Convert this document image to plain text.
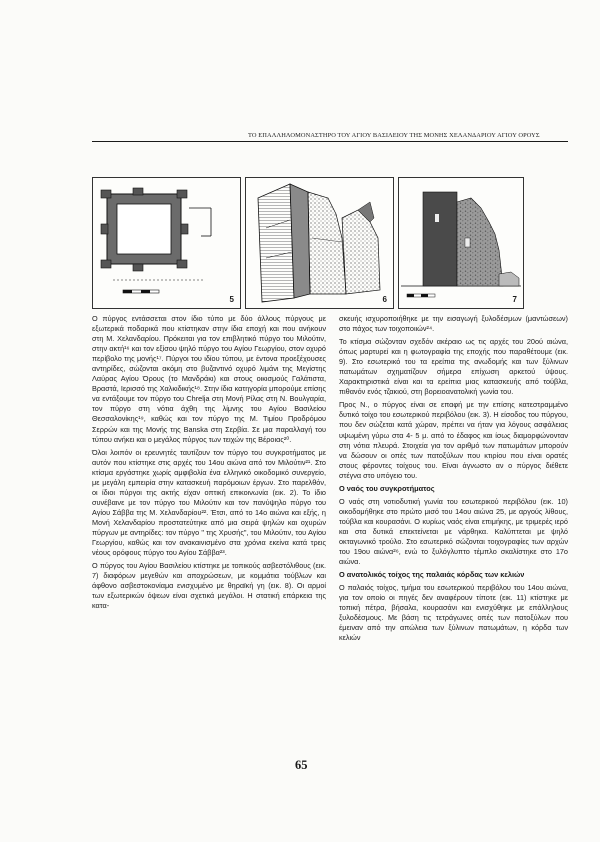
ΤΟ ΕΠΑΛΛΗΛΟΜΟΝΑΣΤΗΡΟ ΤΟΥ ΑΓΙΟΥ ΒΑΣΙΛΕΙΟΥ ΤΗΣ ΜΟΝΗΣ ΧΕΛΑΝΔΑΡΙΟΥ ΑΓΙΟΥ ΟΡΟΥΣ
5	6	7

Ο πύργος εντάσσεται στον ίδιο τύπο με δύο άλλους πύργους με εξωτερικά ποδαρικά που κτίστηκαν στην ίδια εποχή και που ανήκουν στη Μ. Χελανδαρίου. Πρόκειται για τον επιβλητικό πύργο του Μιλούτιν, στην ακτή¹⁶ και τον εξίσου ψηλό πύργο του Αγίου Γεωργίου, στον οχυρό περίβολο της μονής¹⁷. Πύργοι του ιδίου τύπου, με έντονα προεξέχουσες αντηρίδες, σώζονται ακόμη στο βυζαντινό οχυρό λιμάνι της Μεγίστης Λαύρας Αγίου Όρους (το Μανδράκι) και στους οικισμούς Γαλάτιστα, Βραστά, Ιερισσό της Χαλκιδικής¹⁸. Στην ίδια κατηγορία μπορούμε επίσης να εντάξουμε τον πύργο του Chrelja στη Μονή Ρίλας στη Ν. Βουλγαρία, τον πύργο στη νότια άχθη της λίμνης του Αγίου Βασιλείου Θεσσαλονίκης¹⁹, καθώς και τον πύργο της Μ. Τιμίου Προδρόμου Σερρών και της Μονής της Banska στη Σερβία. Σε μια παραλλαγή του τύπου ανήκει και ο μεγάλος πύργος των τειχών της Βέροιας²⁰.

Όλοι λοιπόν οι ερευνητές ταυτίζουν τον πύργο του συγκροτήματος με αυτόν που κτίστηκε στις αρχές του 14ου αιώνα από τον Μιλούτιν²¹. Στο κτίσμα εργάστηκε χωρίς αμφιβολία ένα ελληνικό οικοδομικό συνεργείο, με μεγάλη εμπειρία στην κατασκευή παρόμοιων έργων. Στο παρελθόν, οι ίδιοι πύργοι της ακτής είχαν οπτική επικοινωνία (εικ. 2). Το ίδιο συνέβαινε με τον πύργο του Μιλούτιν και τον πανύψηλο πύργο του Αγίου Σάββα της Μ. Χελανδαρίου²². Έτσι, από το 14ο αιώνα και εξής, η Μονή Χελανδαρίου προστατεύτηκε από μια σειρά ψηλών και οχυρών πύργων με αντηρίδες: τον πύργο " της Χρυσής", του Μιλούτιν, του Αγίου Γεωργίου, καθώς και τον ανακαινισμένο στα χρόνια εκείνα κατά τρεις νέους ορόφους πύργο του Αγίου Σάββα²³.

Ο πύργος του Αγίου Βασιλείου κτίστηκε με τοπικούς ασβεστόλιθους (εικ. 7) διαφόρων μεγεθών και αποχρώσεων, με κομμάτια τούβλων και άφθονο ασβεστοκονίαμα ενισχυμένο με θηραϊκή γη (εικ. 8). Οι αρμοί των εξωτερικών όψεων είναι σχετικά μεγάλοι. Η στατική επάρκεια της κατα-

σκευής ισχυροποιήθηκε με την εισαγωγή ξυλοδέσμων (μαντώσεων) στο πάχος των τοιχοποιιών²⁴.

Το κτίσμα σώζονταν σχεδόν ακέραιο ως τις αρχές του 20ού αιώνα, όπως μαρτυρεί και η φωτογραφία της εποχής που παραθέτουμε (εικ. 9). Στο εσωτερικό του τα ερείπια της ανωδομής και των ξύλινων πατωμάτων σχηματίζουν σήμερα επίχωση αρκετού ύψους. Χαρακτηριστικά είναι και τα ερείπια μιας κατασκευής από τούβλα, πιθανόν ενός τζακιού, στη βορειοανατολική γωνία του.

Προς Ν., ο πύργος είναι σε επαφή με την επίσης κατεστραμμένο δυτικό τοίχο του εσωτερικού περιβόλου (εικ. 3). Η είσοδος του πύργου, που δεν σώζεται κατά χώραν, πρέπει να ήταν για λόγους ασφάλειας υψωμένη γύρω στα 4- 5 μ. από το έδαφος και ίσως διαμορφώνονταν στη νότια πλευρά. Στοιχεία για τον αριθμό των πατωμάτων μπορούν να δώσουν οι οπές των πατοξύλων που κτιρίου που είναι ορατές στους φέροντες τοίχους του. Είναι άγνωστο αν ο πύργος διέθετε στέγνα στο υπόγειο του.

Ο ναός του συγκροτήματος

Ο ναός στη νοτιοδυτική γωνία του εσωτερικού περιβόλου (εικ. 10) οικοδομήθηκε στο πρώτο μισό του 14ου αιώνα 25, με αργούς λίθους, τούβλα και κουρασάνι. Ο κυρίως ναός είναι επιμήκης, με τριμερές ιερό και στα δυτικά επεκτείνεται με νάρθηκα. Καλύπτεται με ψηλό οκταγωνικό τρούλο. Στο εσωτερικό σώζονται τοιχογραφίες των αρχών του 19ου αιώνα²⁶, ενώ το ξυλόγλυπτο τέμπλο σκαλίστηκε στο 17ο αιώνα.

Ο ανατολικός τοίχος της παλαιάς κόρδας των κελιών

Ο παλαιός τοίχος, τμήμα του εσωτερικού περιβόλου του 14ου αιώνα, για τον οποίο οι πηγές δεν αναφέρουν τίποτε (εικ. 11) κτίστηκε με τοπική πέτρα, βήσαλα, κουρασάνι και ενισχύθηκε με επάλληλους ξυλοδέσμους. Με βάση τις τετράγωνες οπές των πατοξύλων που έμειναν από την απώλεια των ξύλινων πατωμάτων, η κόρδα των κελιών

65
